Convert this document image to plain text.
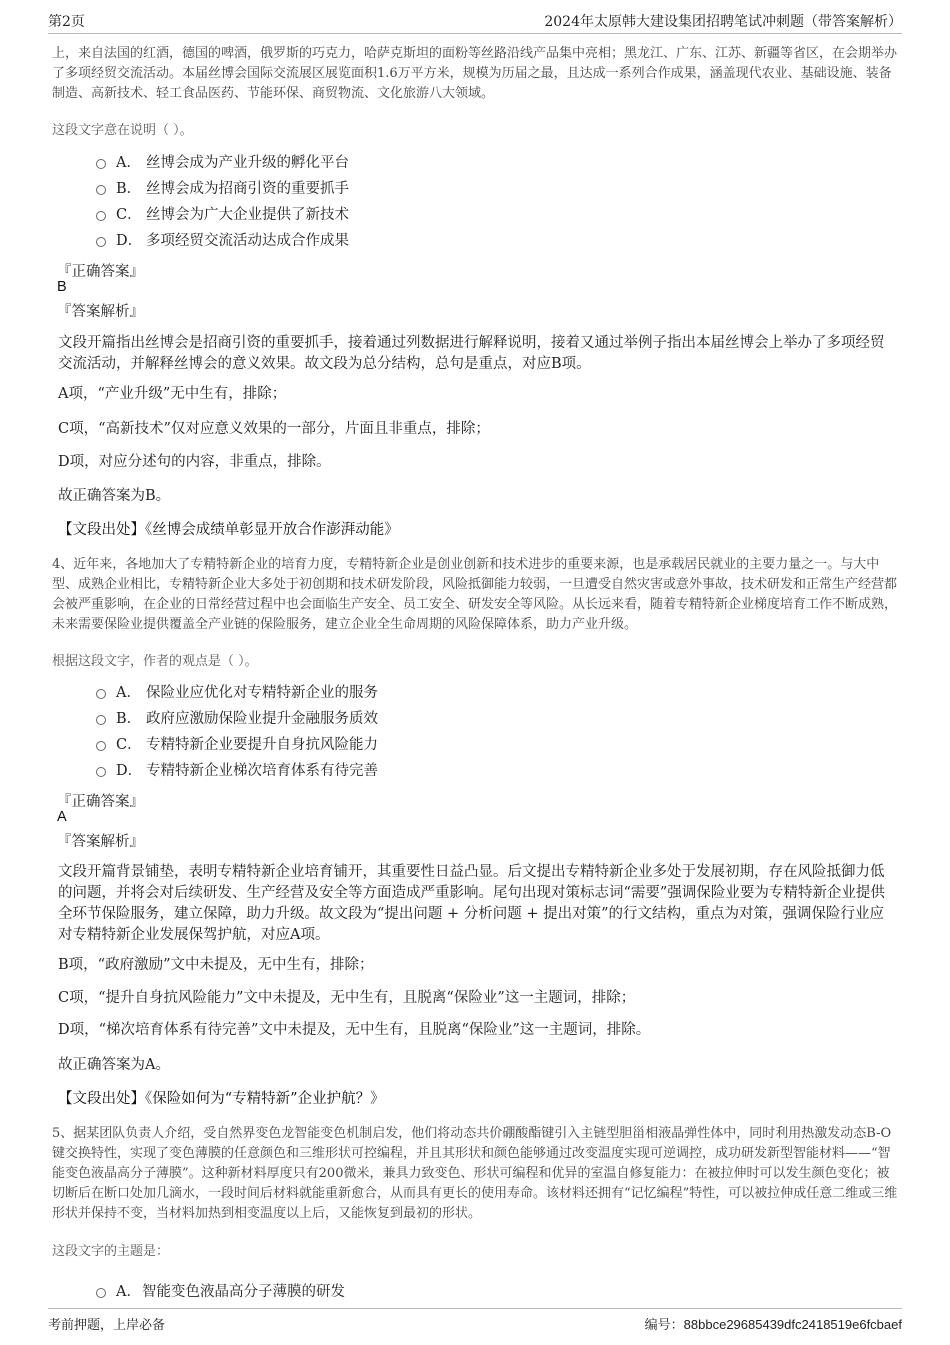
第2页	2024年太原韩大建设集团招聘笔试冲刺题（带答案解析）
上，来自法国的红酒，德国的啤酒，俄罗斯的巧克力，哈萨克斯坦的面粉等丝路沿线产品集中亮相；黑龙江、广东、江苏、新疆等省区，在会期举办了多项经贸交流活动。本届丝博会国际交流展区展览面积1.6万平方米，规模为历届之最，且达成一系列合作成果，涵盖现代农业、基础设施、装备制造、高新技术、轻工食品医药、节能环保、商贸物流、文化旅游八大领域。
这段文字意在说明（ ）。
A． 丝博会成为产业升级的孵化平台
B． 丝博会成为招商引资的重要抓手
C． 丝博会为广大企业提供了新技术
D． 多项经贸交流活动达成合作成果
『正确答案』
B
『答案解析』
文段开篇指出丝博会是招商引资的重要抓手，接着通过列数据进行解释说明，接着又通过举例子指出本届丝博会上举办了多项经贸交流活动，并解释丝博会的意义效果。故文段为总分结构，总句是重点，对应B项。
A项，“产业升级”无中生有，排除；
C项，“高新技术”仅对应意义效果的一部分，片面且非重点，排除；
D项，对应分述句的内容，非重点，排除。
故正确答案为B。
【文段出处】《丝博会成绩单彰显开放合作澎湃动能》
4、近年来，各地加大了专精特新企业的培育力度，专精特新企业是创业创新和技术进步的重要来源，也是承载居民就业的主要力量之一。与大中型、成熟企业相比，专精特新企业大多处于初创期和技术研发阶段，风险抵御能力较弱，一旦遭受自然灾害或意外事故，技术研发和正常生产经营都会被严重影响，在企业的日常经营过程中也会面临生产安全、员工安全、研发安全等风险。从长远来看，随着专精特新企业梯度培育工作不断成熟，未来需要保险业提供覆盖全产业链的保险服务，建立企业全生命周期的风险保障体系，助力产业升级。
根据这段文字，作者的观点是（ ）。
A． 保险业应优化对专精特新企业的服务
B． 政府应激励保险业提升金融服务质效
C． 专精特新企业要提升自身抗风险能力
D． 专精特新企业梯次培育体系有待完善
『正确答案』
A
『答案解析』
文段开篇背景铺垫，表明专精特新企业培育铺开，其重要性日益凸显。后文提出专精特新企业多处于发展初期，存在风险抵御力低的问题，并将会对后续研发、生产经营及安全等方面造成严重影响。尾句出现对策标志词“需要”强调保险业要为专精特新企业提供全环节保险服务，建立保障，助力升级。故文段为“提出问题 + 分析问题 + 提出对策”的行文结构，重点为对策，强调保险行业应对专精特新企业发展保驾护航，对应A项。
B项，“政府激励”文中未提及，无中生有，排除；
C项，“提升自身抗风险能力”文中未提及，无中生有，且脱离“保险业”这一主题词，排除；
D项，“梯次培育体系有待完善”文中未提及，无中生有，且脱离“保险业”这一主题词，排除。
故正确答案为A。
【文段出处】《保险如何为“专精特新”企业护航？》
5、据某团队负责人介绍，受自然界变色龙智能变色机制启发，他们将动态共价硼酸酯键引入主链型胆甾相液晶弹性体中，同时利用热激发动态B-O键交换特性，实现了变色薄膜的任意颜色和三维形状可控编程，并且其形状和颜色能够通过改变温度实现可逆调控，成功研发新型智能材料——“智能变色液晶高分子薄膜”。这种新材料厚度只有200微米，兼具力致变色、形状可编程和优异的室温自修复能力：在被拉伸时可以发生颜色变化；被切断后在断口处加几滴水，一段时间后材料就能重新愈合，从而具有更长的使用寿命。该材料还拥有“记忆编程”特性，可以被拉伸成任意二维或三维形状并保持不变，当材料加热到相变温度以上后，又能恢复到最初的形状。
这段文字的主题是：
A．智能变色液晶高分子薄膜的研发
考前押题，上岸必备	编号：88bbce29685439dfc2418519e6fcbaef
